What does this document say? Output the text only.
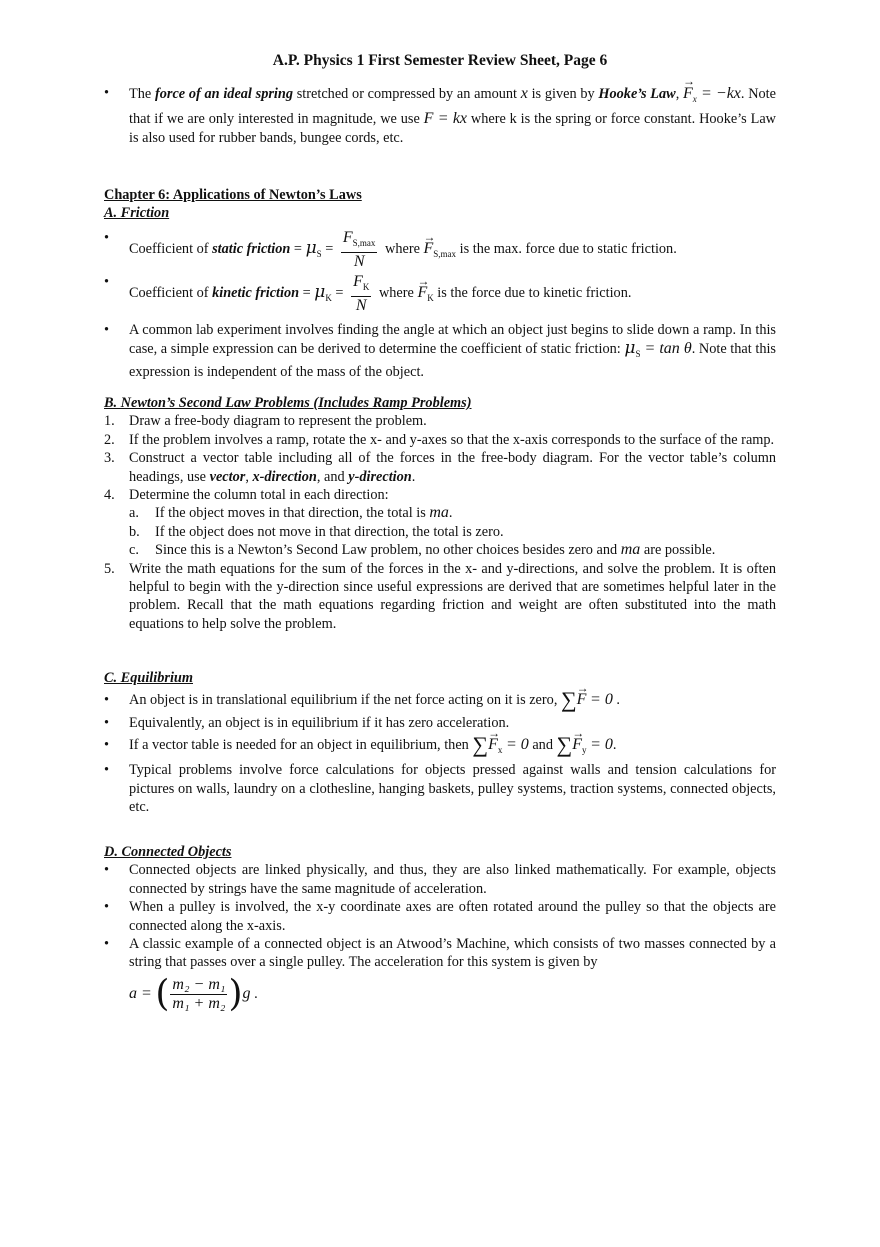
A.P. Physics 1 First Semester Review Sheet, Page 6
• The force of an ideal spring stretched or compressed by an amount x is given by Hooke’s Law, → $F_x = -kx$. Note that if we are only interested in magnitude, we use F = kx where k is the spring or force constant. Hooke’s Law is also used for rubber bands, bungee cords, etc.
Chapter 6: Applications of Newton’s Laws
A. Friction
• Coefficient of static friction = $\mu_S = \frac{F_{S,max}}{N}$ where → $F_{S,max}$ is the max. force due to static friction.
• Coefficient of kinetic friction = $\mu_K = \frac{F_K}{N}$ where → $F_K$ is the force due to kinetic friction.
• A common lab experiment involves finding the angle at which an object just begins to slide down a ramp. In this case, a simple expression can be derived to determine the coefficient of static friction: $\mu_S = \tan \theta$. Note that this expression is independent of the mass of the object.
B. Newton’s Second Law Problems (Includes Ramp Problems)
1. Draw a free-body diagram to represent the problem.
2. If the problem involves a ramp, rotate the x- and y-axes so that the x-axis corresponds to the surface of the ramp.
3. Construct a vector table including all of the forces in the free-body diagram. For the vector table’s column headings, use vector, x-direction, and y-direction.
4. Determine the column total in each direction:
a. If the object moves in that direction, the total is ma.
b. If the object does not move in that direction, the total is zero.
c. Since this is a Newton’s Second Law problem, no other choices besides zero and ma are possible.
5. Write the math equations for the sum of the forces in the x- and y-directions, and solve the problem. It is often helpful to begin with the y-direction since useful expressions are derived that are sometimes helpful later in the problem. Recall that the math equations regarding friction and weight are often substituted into the math equations to help solve the problem.
C. Equilibrium
• An object is in translational equilibrium if the net force acting on it is zero, ∑→ F = 0 .
• Equivalently, an object is in equilibrium if it has zero acceleration.
• If a vector table is needed for an object in equilibrium, then ∑→ $F_x = 0$ and ∑→ $F_y = 0$.
• Typical problems involve force calculations for objects pressed against walls and tension calculations for pictures on walls, laundry on a clothesline, hanging baskets, pulley systems, traction systems, connected objects, etc.
D. Connected Objects
• Connected objects are linked physically, and thus, they are also linked mathematically. For example, objects connected by strings have the same magnitude of acceleration.
• When a pulley is involved, the x-y coordinate axes are often rotated around the pulley so that the objects are connected along the x-axis.
• A classic example of a connected object is an Atwood’s Machine, which consists of two masses connected by a string that passes over a single pulley. The acceleration for this system is given by
a = ( $\frac{\text{m₂ − m₁}}{\text{m₁ + m₂}} )g$ .
